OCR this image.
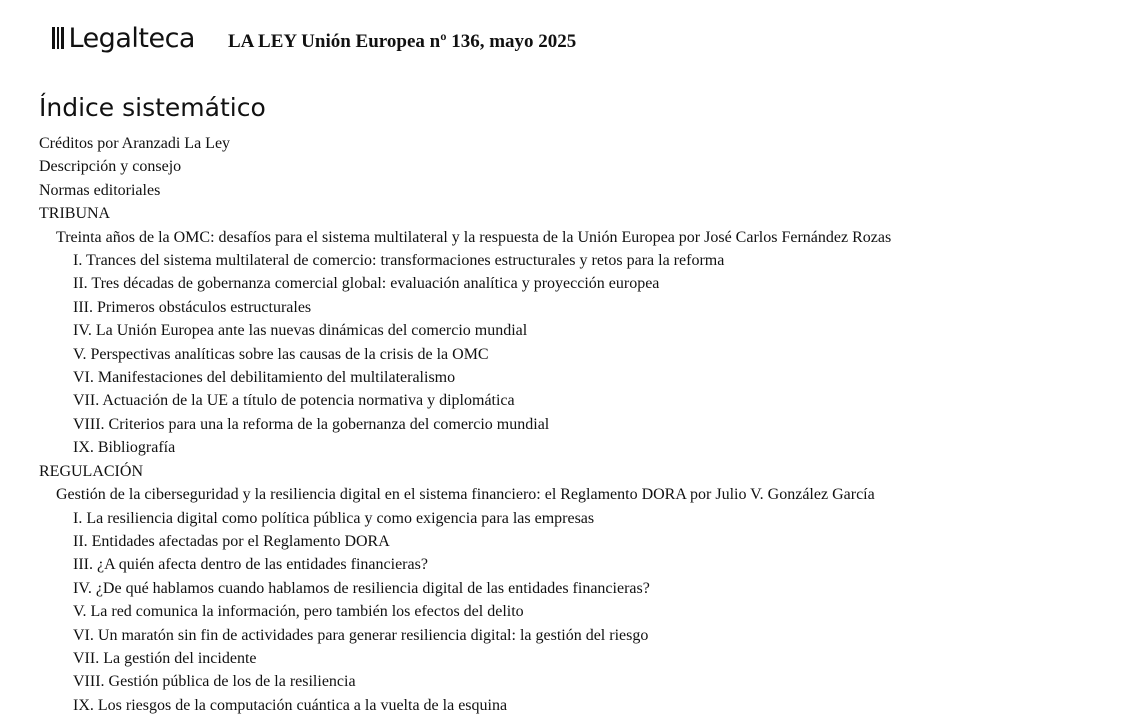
Legalteca LA LEY Unión Europea nº 136, mayo 2025
Índice sistemático
Créditos por Aranzadi La Ley
Descripción y consejo
Normas editoriales
TRIBUNA
Treinta años de la OMC: desafíos para el sistema multilateral y la respuesta de la Unión Europea por José Carlos Fernández Rozas
I. Trances del sistema multilateral de comercio: transformaciones estructurales y retos para la reforma
II. Tres décadas de gobernanza comercial global: evaluación analítica y proyección europea
III. Primeros obstáculos estructurales
IV. La Unión Europea ante las nuevas dinámicas del comercio mundial
V. Perspectivas analíticas sobre las causas de la crisis de la OMC
VI. Manifestaciones del debilitamiento del multilateralismo
VII. Actuación de la UE a título de potencia normativa y diplomática
VIII. Criterios para una la reforma de la gobernanza del comercio mundial
IX. Bibliografía
REGULACIÓN
Gestión de la ciberseguridad y la resiliencia digital en el sistema financiero: el Reglamento DORA por Julio V. González García
I. La resiliencia digital como política pública y como exigencia para las empresas
II. Entidades afectadas por el Reglamento DORA
III. ¿A quién afecta dentro de las entidades financieras?
IV. ¿De qué hablamos cuando hablamos de resiliencia digital de las entidades financieras?
V. La red comunica la información, pero también los efectos del delito
VI. Un maratón sin fin de actividades para generar resiliencia digital: la gestión del riesgo
VII. La gestión del incidente
VIII. Gestión pública de los de la resiliencia
IX. Los riesgos de la computación cuántica a la vuelta de la esquina
